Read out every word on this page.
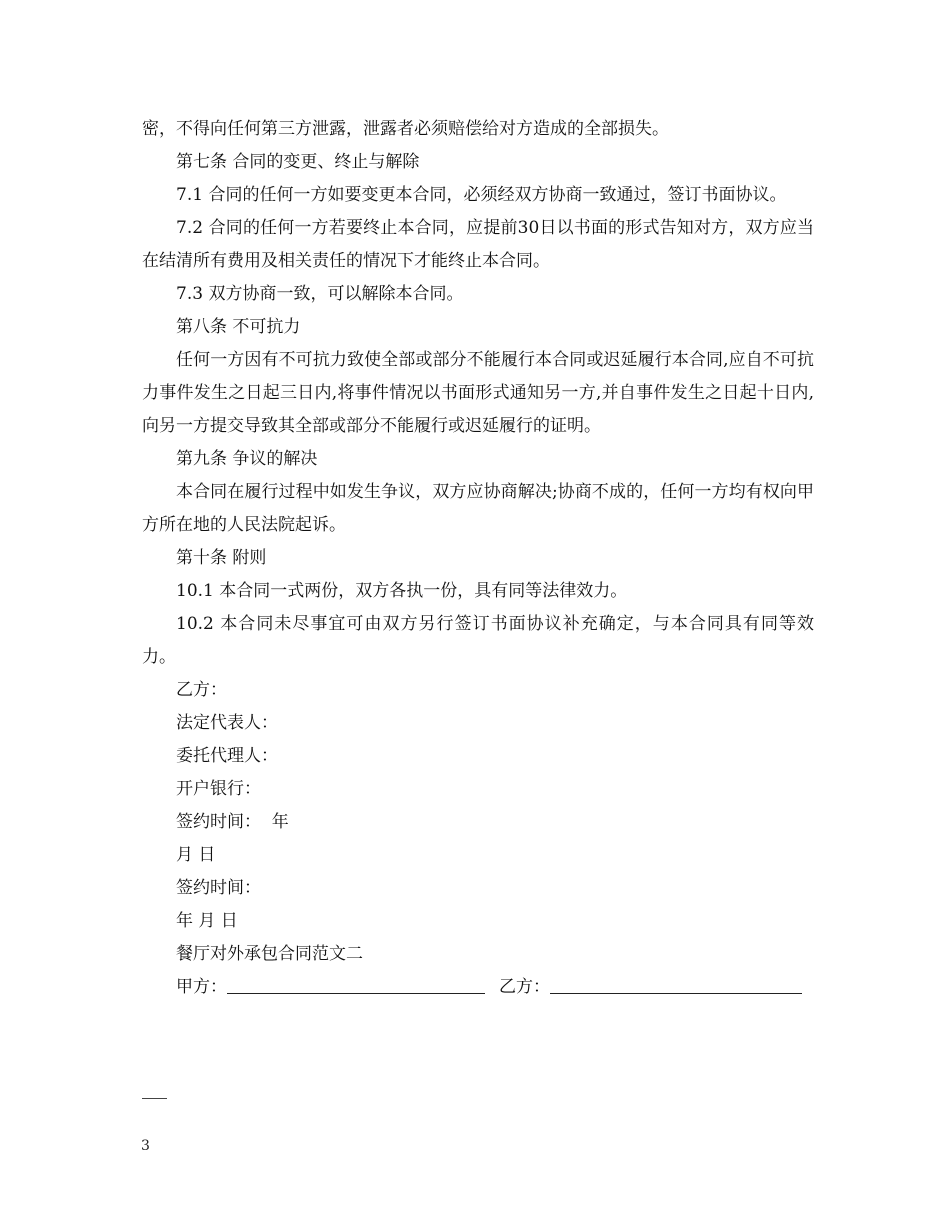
密，不得向任何第三方泄露，泄露者必须赔偿给对方造成的全部损失。

第七条 合同的变更、终止与解除

7.1 合同的任何一方如要变更本合同，必须经双方协商一致通过，签订书面协议。

7.2 合同的任何一方若要终止本合同，应提前30日以书面的形式告知对方，双方应当在结清所有费用及相关责任的情况下才能终止本合同。

7.3 双方协商一致，可以解除本合同。

第八条 不可抗力

任何一方因有不可抗力致使全部或部分不能履行本合同或迟延履行本合同,应自不可抗力事件发生之日起三日内,将事件情况以书面形式通知另一方,并自事件发生之日起十日内,向另一方提交导致其全部或部分不能履行或迟延履行的证明。

第九条 争议的解决

本合同在履行过程中如发生争议，双方应协商解决;协商不成的，任何一方均有权向甲方所在地的人民法院起诉。

第十条 附则

10.1 本合同一式两份，双方各执一份，具有同等法律效力。

10.2 本合同未尽事宜可由双方另行签订书面协议补充确定，与本合同具有同等效力。

乙方：

法定代表人：

委托代理人：

开户银行：

签约时间：  年

月 日

签约时间：

年 月 日

餐厅对外承包合同范文二

甲方：	乙方：

3
